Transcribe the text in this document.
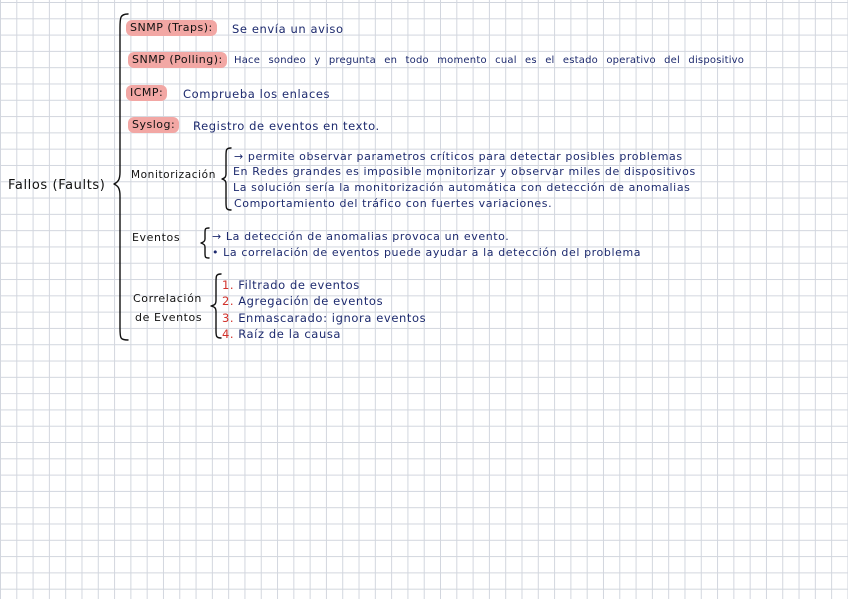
Fallos (Faults)
SNMP (Traps):	Se envía un aviso
SNMP (Polling):	Hace sondeo y pregunta en todo momento cual es el estado operativo del dispositivo
ICMP:	Comprueba los enlaces
Syslog:	Registro de eventos en texto.
Monitorización
→ permite observar parametros críticos para detectar posibles problemas
En Redes grandes es imposible monitorizar y observar miles de dispositivos
La solución sería la monitorización automática con detección de anomalias
Comportamiento del tráfico con fuertes variaciones.
Eventos	→ La detección de anomalias provoca un evento.
• La correlación de eventos puede ayudar a la detección del problema
Correlación
de Eventos
1. Filtrado de eventos
2. Agregación de eventos
3. Enmascarado: ignora eventos
4. Raíz de la causa
